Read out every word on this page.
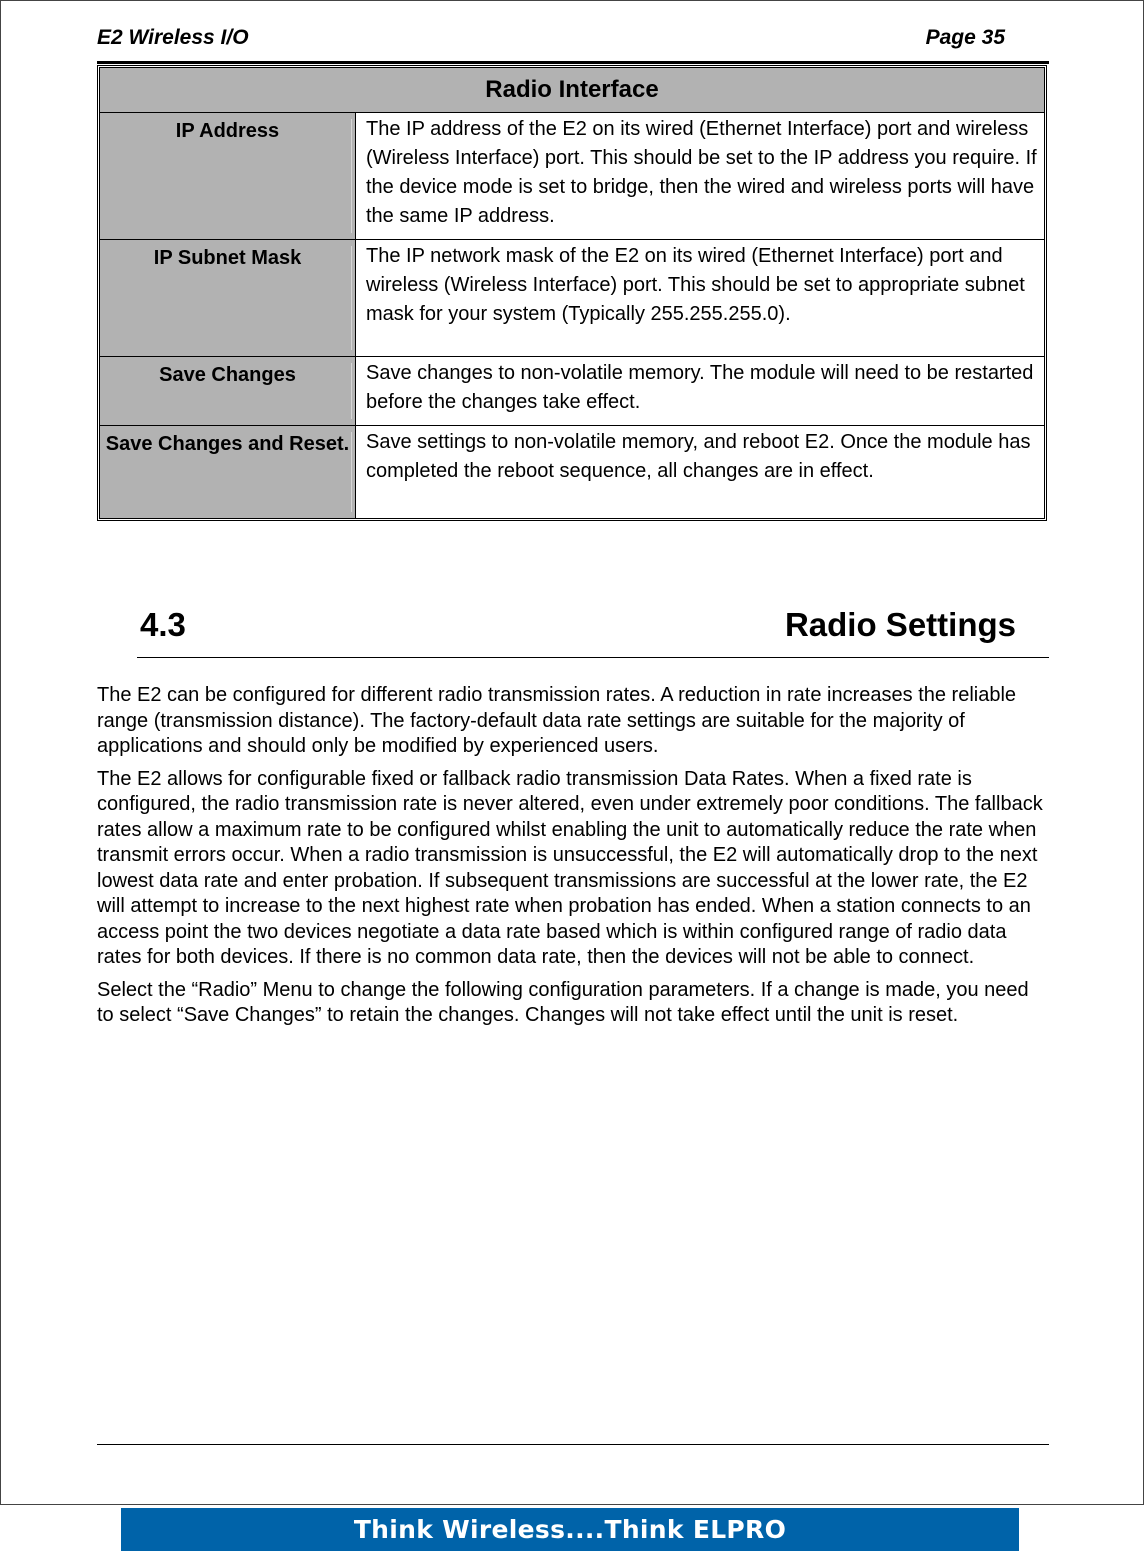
E2 Wireless I/O	Page 35
Radio Interface	
IP Address	The IP address of the E2 on its wired (Ethernet Interface) port and wireless (Wireless Interface) port. This should be set to the IP address you require. If the device mode is set to bridge, then the wired and wireless ports will have the same IP address.
IP Subnet Mask	The IP network mask of the E2 on its wired (Ethernet Interface) port and wireless (Wireless Interface) port. This should be set to appropriate subnet mask for your system (Typically 255.255.255.0).
Save Changes	Save changes to non-volatile memory. The module will need to be restarted before the changes take effect.
Save Changes and Reset.	Save settings to non-volatile memory, and reboot E2. Once the module has completed the reboot sequence, all changes are in effect.
4.3	Radio Settings

The E2 can be configured for different radio transmission rates. A reduction in rate increases the reliable range (transmission distance). The factory-default data rate settings are suitable for the majority of applications and should only be modified by experienced users.

The E2 allows for configurable fixed or fallback radio transmission Data Rates. When a fixed rate is configured, the radio transmission rate is never altered, even under extremely poor conditions. The fallback rates allow a maximum rate to be configured whilst enabling the unit to automatically reduce the rate when transmit errors occur. When a radio transmission is unsuccessful, the E2 will automatically drop to the next lowest data rate and enter probation. If subsequent transmissions are successful at the lower rate, the E2 will attempt to increase to the next highest rate when probation has ended. When a station connects to an access point the two devices negotiate a data rate based which is within configured range of radio data rates for both devices. If there is no common data rate, then the devices will not be able to connect.

Select the “Radio” Menu to change the following configuration parameters. If a change is made, you need to select “Save Changes” to retain the changes. Changes will not take effect until the unit is reset.

Think Wireless....Think ELPRO
